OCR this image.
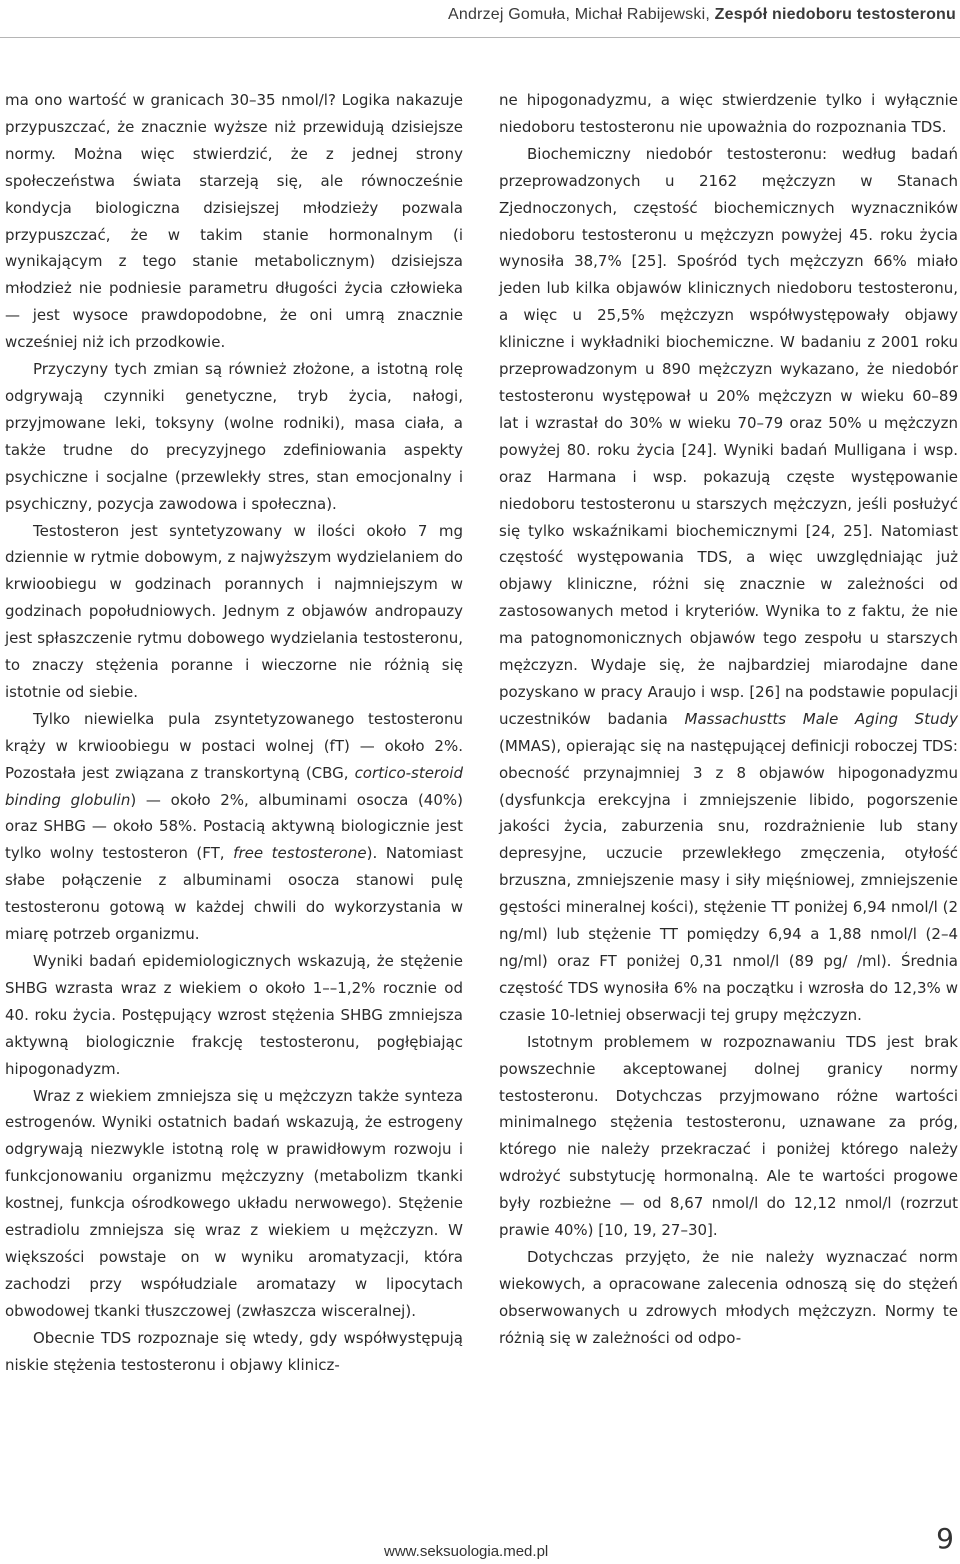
Andrzej Gomuła, Michał Rabijewski, Zespół niedoboru testosteronu

ma ono wartość w granicach 30–35 nmol/l? Logika nakazuje przypuszczać, że znacznie wyższe niż przewidują dzisiejsze normy. Można więc stwierdzić, że z jednej strony społeczeństwa świata starzeją się, ale równocześnie kondycja biologiczna dzisiejszej młodzieży pozwala przypuszczać, że w takim stanie hormonalnym (i wynikającym z tego stanie metabolicznym) dzisiejsza młodzież nie podniesie parametru długości życia człowieka — jest wysoce prawdopodobne, że oni umrą znacznie wcześniej niż ich przodkowie.

Przyczyny tych zmian są również złożone, a istotną rolę odgrywają czynniki genetyczne, tryb życia, nałogi, przyjmowane leki, toksyny (wolne rodniki), masa ciała, a także trudne do precyzyjnego zdefiniowania aspekty psychiczne i socjalne (przewlekły stres, stan emocjonalny i psychiczny, pozycja zawodowa i społeczna).

Testosteron jest syntetyzowany w ilości około 7 mg dziennie w rytmie dobowym, z najwyższym wydzielaniem do krwioobiegu w godzinach porannych i najmniejszym w godzinach popołudniowych. Jednym z objawów andropauzy jest spłaszczenie rytmu dobowego wydzielania testosteronu, to znaczy stężenia poranne i wieczorne nie różnią się istotnie od siebie.

Tylko niewielka pula zsyntetyzowanego testosteronu krąży w krwioobiegu w postaci wolnej (fT) — około 2%. Pozostała jest związana z transkortyną (CBG, cortico-steroid binding globulin) — około 2%, albuminami osocza (40%) oraz SHBG — około 58%. Postacią aktywną biologicznie jest tylko wolny testosteron (FT, free testosterone). Natomiast słabe połączenie z albuminami osocza stanowi pulę testosteronu gotową w każdej chwili do wykorzystania w miarę potrzeb organizmu.

Wyniki badań epidemiologicznych wskazują, że stężenie SHBG wzrasta wraz z wiekiem o około 1––1,2% rocznie od 40. roku życia. Postępujący wzrost stężenia SHBG zmniejsza aktywną biologicznie frakcję testosteronu, pogłębiając hipogonadyzm.

Wraz z wiekiem zmniejsza się u mężczyzn także synteza estrogenów. Wyniki ostatnich badań wskazują, że estrogeny odgrywają niezwykle istotną rolę w prawidłowym rozwoju i funkcjonowaniu organizmu mężczyzny (metabolizm tkanki kostnej, funkcja ośrodkowego układu nerwowego). Stężenie estradiolu zmniejsza się wraz z wiekiem u mężczyzn. W większości powstaje on w wyniku aromatyzacji, która zachodzi przy współudziale aromatazy w lipocytach obwodowej tkanki tłuszczowej (zwłaszcza wisceralnej).

Obecnie TDS rozpoznaje się wtedy, gdy współwystępują niskie stężenia testosteronu i objawy klinicz-

ne hipogonadyzmu, a więc stwierdzenie tylko i wyłącznie niedoboru testosteronu nie upoważnia do rozpoznania TDS.

Biochemiczny niedobór testosteronu: według badań przeprowadzonych u 2162 mężczyzn w Stanach Zjednoczonych, częstość biochemicznych wyznaczników niedoboru testosteronu u mężczyzn powyżej 45. roku życia wynosiła 38,7% [25]. Spośród tych mężczyzn 66% miało jeden lub kilka objawów klinicznych niedoboru testosteronu, a więc u 25,5% mężczyzn współwystępowały objawy kliniczne i wykładniki biochemiczne. W badaniu z 2001 roku przeprowadzonym u 890 mężczyzn wykazano, że niedobór testosteronu występował u 20% mężczyzn w wieku 60–89 lat i wzrastał do 30% w wieku 70–79 oraz 50% u mężczyzn powyżej 80. roku życia [24]. Wyniki badań Mulligana i wsp. oraz Harmana i wsp. pokazują częste występowanie niedoboru testosteronu u starszych mężczyzn, jeśli posłużyć się tylko wskaźnikami biochemicznymi [24, 25]. Natomiast częstość występowania TDS, a więc uwzględniając już objawy kliniczne, różni się znacznie w zależności od zastosowanych metod i kryteriów. Wynika to z faktu, że nie ma patognomonicznych objawów tego zespołu u starszych mężczyzn. Wydaje się, że najbardziej miarodajne dane pozyskano w pracy Araujo i wsp. [26] na podstawie populacji uczestników badania Massachustts Male Aging Study (MMAS), opierając się na następującej definicji roboczej TDS: obecność przynajmniej 3 z 8 objawów hipogonadyzmu (dysfunkcja erekcyjna i zmniejszenie libido, pogorszenie jakości życia, zaburzenia snu, rozdrażnienie lub stany depresyjne, uczucie przewlekłego zmęczenia, otyłość brzuszna, zmniejszenie masy i siły mięśniowej, zmniejszenie gęstości mineralnej kości), stężenie TT poniżej 6,94 nmol/l (2 ng/ml) lub stężenie TT pomiędzy 6,94 a 1,88 nmol/l (2–4 ng/ml) oraz FT poniżej 0,31 nmol/l (89 pg/ /ml). Średnia częstość TDS wynosiła 6% na początku i wzrosła do 12,3% w czasie 10-letniej obserwacji tej grupy mężczyzn.

Istotnym problemem w rozpoznawaniu TDS jest brak powszechnie akceptowanej dolnej granicy normy testosteronu. Dotychczas przyjmowano różne wartości minimalnego stężenia testosteronu, uznawane za próg, którego nie należy przekraczać i poniżej którego należy wdrożyć substytucję hormonalną. Ale te wartości progowe były rozbieżne — od 8,67 nmol/l do 12,12 nmol/l (rozrzut prawie 40%) [10, 19, 27–30].

Dotychczas przyjęto, że nie należy wyznaczać norm wiekowych, a opracowane zalecenia odnoszą się do stężeń obserwowanych u zdrowych młodych mężczyzn. Normy te różnią się w zależności od odpo-

www.seksuologia.med.pl	9
